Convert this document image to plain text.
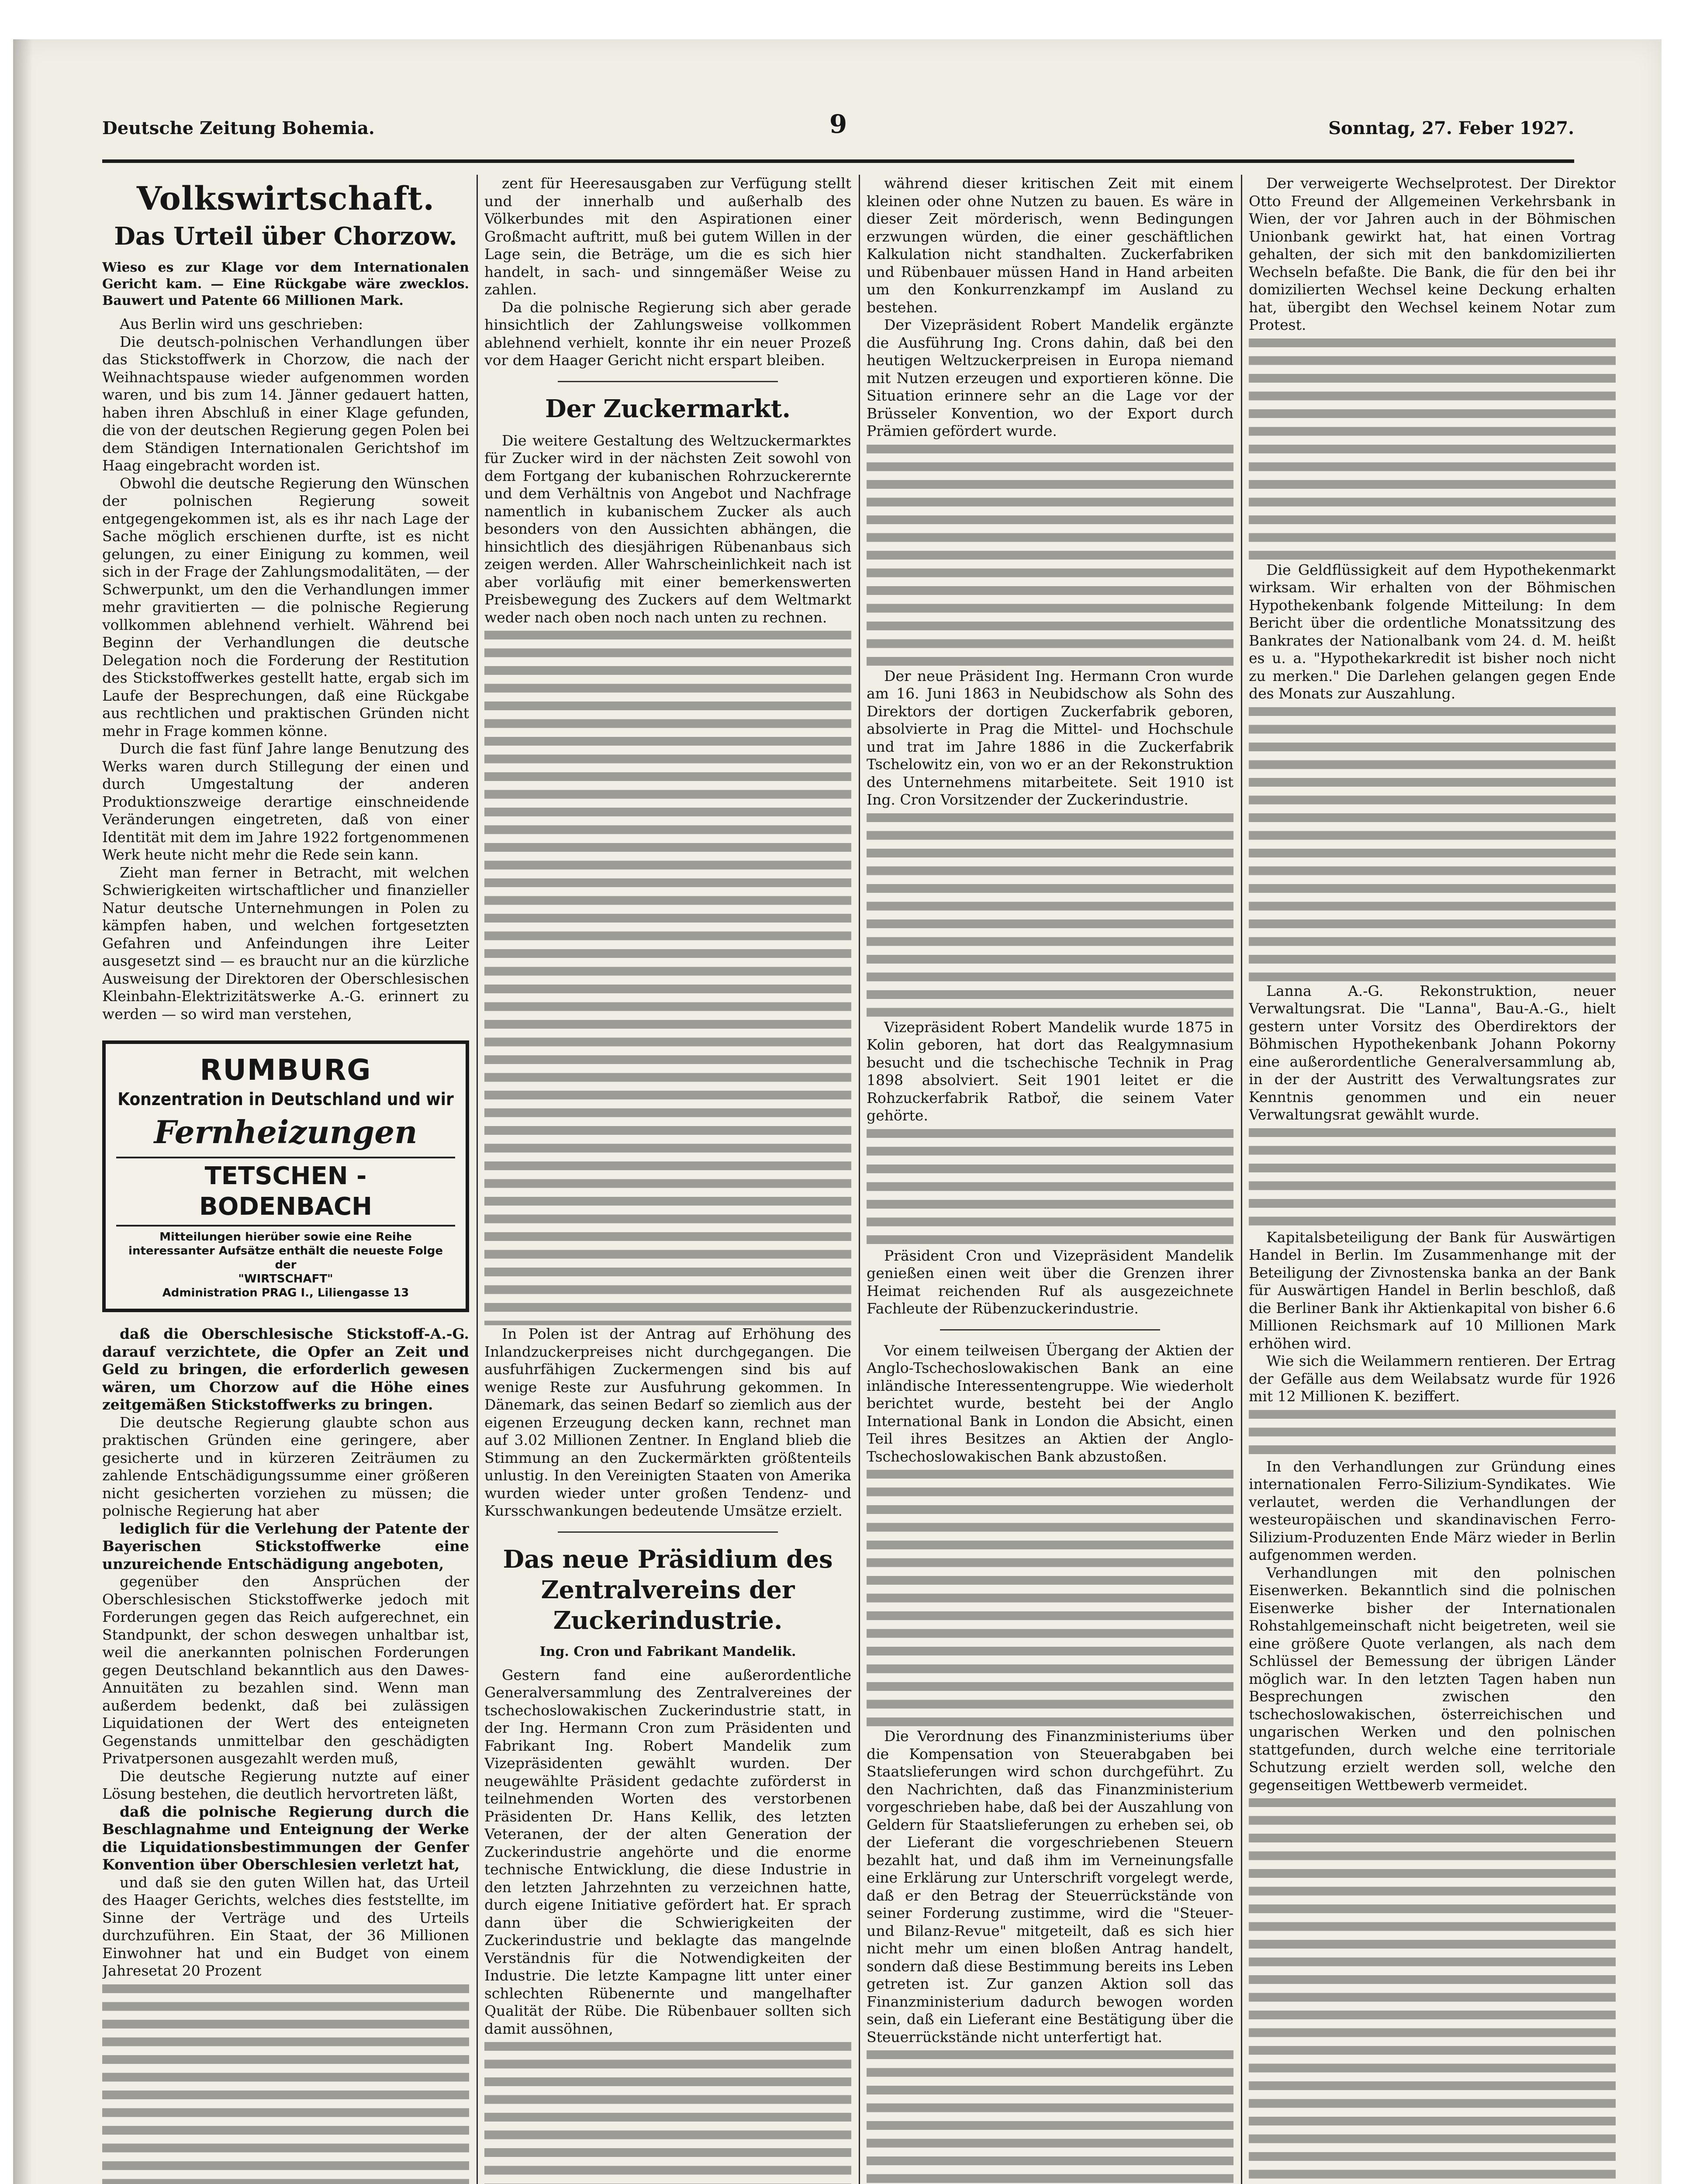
Deutsche Zeitung Bohemia.	9	Sonntag, 27. Feber 1927.
Volkswirtschaft.
Das Urteil über Chorzow.
Wieso es zur Klage vor dem Internationalen Gericht kam. — Eine Rückgabe wäre zwecklos. Bauwert und Patente 66 Millionen Mark.

Aus Berlin wird uns geschrieben:

Die deutsch-polnischen Verhandlungen über das Stickstoffwerk in Chorzow, die nach der Weihnachtspause wieder aufgenommen worden waren, und bis zum 14. Jänner gedauert hatten, haben ihren Abschluß in einer Klage gefunden, die von der deutschen Regierung gegen Polen bei dem Ständigen Internationalen Gerichtshof im Haag eingebracht worden ist.

Obwohl die deutsche Regierung den Wünschen der polnischen Regierung soweit entgegengekommen ist, als es ihr nach Lage der Sache möglich erschienen durfte, ist es nicht gelungen, zu einer Einigung zu kommen, weil sich in der Frage der Zahlungsmodalitäten, — der Schwerpunkt, um den die Verhandlungen immer mehr gravitierten — die polnische Regierung vollkommen ablehnend verhielt. Während bei Beginn der Verhandlungen die deutsche Delegation noch die Forderung der Restitution des Stickstoffwerkes gestellt hatte, ergab sich im Laufe der Besprechungen, daß eine Rückgabe aus rechtlichen und praktischen Gründen nicht mehr in Frage kommen könne.

Durch die fast fünf Jahre lange Benutzung des Werks waren durch Stillegung der einen und durch Umgestaltung der anderen Produktionszweige derartige einschneidende Veränderungen eingetreten, daß von einer Identität mit dem im Jahre 1922 fortgenommenen Werk heute nicht mehr die Rede sein kann.

Zieht man ferner in Betracht, mit welchen Schwierigkeiten wirtschaftlicher und finanzieller Natur deutsche Unternehmungen in Polen zu kämpfen haben, und welchen fortgesetzten Gefahren und Anfeindungen ihre Leiter ausgesetzt sind — es braucht nur an die kürzliche Ausweisung der Direktoren der Oberschlesischen Kleinbahn-Elektrizitätswerke A.-G. erinnert zu werden — so wird man verstehen,

RUMBURG
Konzentration in Deutschland und wir
Fernheizungen
TETSCHEN - BODENBACH
Mitteilungen hierüber sowie eine Reihe interessanter Aufsätze enthält die neueste Folge der
"WIRTSCHAFT"
Administration PRAG I., Liliengasse 13

daß die Oberschlesische Stickstoff-A.-G. darauf verzichtete, die Opfer an Zeit und Geld zu bringen, die erforderlich gewesen wären, um Chorzow auf die Höhe eines zeitgemäßen Stickstoffwerks zu bringen.

Die deutsche Regierung glaubte schon aus praktischen Gründen eine geringere, aber gesicherte und in kürzeren Zeiträumen zu zahlende Entschädigungssumme einer größeren nicht gesicherten vorziehen zu müssen; die polnische Regierung hat aber

lediglich für die Verlehung der Patente der Bayerischen Stickstoffwerke eine unzureichende Entschädigung angeboten,

gegenüber den Ansprüchen der Oberschlesischen Stickstoffwerke jedoch mit Forderungen gegen das Reich aufgerechnet, ein Standpunkt, der schon deswegen unhaltbar ist, weil die anerkannten polnischen Forderungen gegen Deutschland bekanntlich aus den Dawes-Annuitäten zu bezahlen sind. Wenn man außerdem bedenkt, daß bei zulässigen Liquidationen der Wert des enteigneten Gegenstands unmittelbar den geschädigten Privatpersonen ausgezahlt werden muß,

Die deutsche Regierung nutzte auf einer Lösung bestehen, die deutlich hervortreten läßt,

daß die polnische Regierung durch die Beschlagnahme und Enteignung der Werke die Liquidationsbestimmungen der Genfer Konvention über Oberschlesien verletzt hat,

und daß sie den guten Willen hat, das Urteil des Haager Gerichts, welches dies feststellte, im Sinne der Verträge und des Urteils durchzuführen. Ein Staat, der 36 Millionen Einwohner hat und ein Budget von einem Jahresetat 20 Prozent

zent für Heeresausgaben zur Verfügung stellt und der innerhalb und außerhalb des Völkerbundes mit den Aspirationen einer Großmacht auftritt, muß bei gutem Willen in der Lage sein, die Beträge, um die es sich hier handelt, in sach- und sinngemäßer Weise zu zahlen.

Da die polnische Regierung sich aber gerade hinsichtlich der Zahlungsweise vollkommen ablehnend verhielt, konnte ihr ein neuer Prozeß vor dem Haager Gericht nicht erspart bleiben.

Der Zuckermarkt.

Die weitere Gestaltung des Weltzuckermarktes für Zucker wird in der nächsten Zeit sowohl von dem Fortgang der kubanischen Rohrzuckerernte und dem Verhältnis von Angebot und Nachfrage namentlich in kubanischem Zucker als auch besonders von den Aussichten abhängen, die hinsichtlich des diesjährigen Rübenanbaus sich zeigen werden. Aller Wahrscheinlichkeit nach ist aber vorläufig mit einer bemerkenswerten Preisbewegung des Zuckers auf dem Weltmarkt weder nach oben noch nach unten zu rechnen.

In Polen ist der Antrag auf Erhöhung des Inlandzuckerpreises nicht durchgegangen. Die ausfuhrfähigen Zuckermengen sind bis auf wenige Reste zur Ausfuhrung gekommen. In Dänemark, das seinen Bedarf so ziemlich aus der eigenen Erzeugung decken kann, rechnet man auf 3.02 Millionen Zentner. In England blieb die Stimmung an den Zuckermärkten größtenteils unlustig. In den Vereinigten Staaten von Amerika wurden wieder unter großen Tendenz- und Kursschwankungen bedeutende Umsätze erzielt.

Das neue Präsidium des Zentralvereins der Zuckerindustrie.
Ing. Cron und Fabrikant Mandelik.

Gestern fand eine außerordentliche Generalversammlung des Zentralvereines der tschechoslowakischen Zuckerindustrie statt, in der Ing. Hermann Cron zum Präsidenten und Fabrikant Ing. Robert Mandelik zum Vizepräsidenten gewählt wurden. Der neugewählte Präsident gedachte zuförderst in teilnehmenden Worten des verstorbenen Präsidenten Dr. Hans Kellik, des letzten Veteranen, der der alten Generation der Zuckerindustrie angehörte und die enorme technische Entwicklung, die diese Industrie in den letzten Jahrzehnten zu verzeichnen hatte, durch eigene Initiative gefördert hat. Er sprach dann über die Schwierigkeiten der Zuckerindustrie und beklagte das mangelnde Verständnis für die Notwendigkeiten der Industrie. Die letzte Kampagne litt unter einer schlechten Rübenernte und mangelhafter Qualität der Rübe. Die Rübenbauer sollten sich damit aussöhnen,

während dieser kritischen Zeit mit einem kleinen oder ohne Nutzen zu bauen. Es wäre in dieser Zeit mörderisch, wenn Bedingungen erzwungen würden, die einer geschäftlichen Kalkulation nicht standhalten. Zuckerfabriken und Rübenbauer müssen Hand in Hand arbeiten um den Konkurrenzkampf im Ausland zu bestehen.

Der Vizepräsident Robert Mandelik ergänzte die Ausführung Ing. Crons dahin, daß bei den heutigen Weltzuckerpreisen in Europa niemand mit Nutzen erzeugen und exportieren könne. Die Situation erinnere sehr an die Lage vor der Brüsseler Konvention, wo der Export durch Prämien gefördert wurde.

Der neue Präsident Ing. Hermann Cron wurde am 16. Juni 1863 in Neubidschow als Sohn des Direktors der dortigen Zuckerfabrik geboren, absolvierte in Prag die Mittel- und Hochschule und trat im Jahre 1886 in die Zuckerfabrik Tschelowitz ein, von wo er an der Rekonstruktion des Unternehmens mitarbeitete. Seit 1910 ist Ing. Cron Vorsitzender der Zuckerindustrie.

Vizepräsident Robert Mandelik wurde 1875 in Kolin geboren, hat dort das Realgymnasium besucht und die tschechische Technik in Prag 1898 absolviert. Seit 1901 leitet er die Rohzuckerfabrik Ratboř, die seinem Vater gehörte.

Präsident Cron und Vizepräsident Mandelik genießen einen weit über die Grenzen ihrer Heimat reichenden Ruf als ausgezeichnete Fachleute der Rübenzuckerindustrie.

Vor einem teilweisen Übergang der Aktien der Anglo-Tschechoslowakischen Bank an eine inländische Interessentengruppe. Wie wiederholt berichtet wurde, besteht bei der Anglo International Bank in London die Absicht, einen Teil ihres Besitzes an Aktien der Anglo-Tschechoslowakischen Bank abzustoßen.

Die Verordnung des Finanzministeriums über die Kompensation von Steuerabgaben bei Staatslieferungen wird schon durchgeführt. Zu den Nachrichten, daß das Finanzministerium vorgeschrieben habe, daß bei der Auszahlung von Geldern für Staatslieferungen zu erheben sei, ob der Lieferant die vorgeschriebenen Steuern bezahlt hat, und daß ihm im Verneinungsfalle eine Erklärung zur Unterschrift vorgelegt werde, daß er den Betrag der Steuerrückstände von seiner Forderung zustimme, wird die "Steuer- und Bilanz-Revue" mitgeteilt, daß es sich hier nicht mehr um einen bloßen Antrag handelt, sondern daß diese Bestimmung bereits ins Leben getreten ist. Zur ganzen Aktion soll das Finanzministerium dadurch bewogen worden sein, daß ein Lieferant eine Bestätigung über die Steuerrückstände nicht unterfertigt hat.

Der verweigerte Wechselprotest. Der Direktor Otto Freund der Allgemeinen Verkehrsbank in Wien, der vor Jahren auch in der Böhmischen Unionbank gewirkt hat, hat einen Vortrag gehalten, der sich mit den bankdomizilierten Wechseln befaßte. Die Bank, die für den bei ihr domizilierten Wechsel keine Deckung erhalten hat, übergibt den Wechsel keinem Notar zum Protest.

Die Geldflüssigkeit auf dem Hypothekenmarkt wirksam. Wir erhalten von der Böhmischen Hypothekenbank folgende Mitteilung: In dem Bericht über die ordentliche Monatssitzung des Bankrates der Nationalbank vom 24. d. M. heißt es u. a. "Hypothekarkredit ist bisher noch nicht zu merken." Die Darlehen gelangen gegen Ende des Monats zur Auszahlung.

Lanna A.-G. Rekonstruktion, neuer Verwaltungsrat. Die "Lanna", Bau-A.-G., hielt gestern unter Vorsitz des Oberdirektors der Böhmischen Hypothekenbank Johann Pokorny eine außerordentliche Generalversammlung ab, in der der Austritt des Verwaltungsrates zur Kenntnis genommen und ein neuer Verwaltungsrat gewählt wurde.

Kapitalsbeteiligung der Bank für Auswärtigen Handel in Berlin. Im Zusammenhange mit der Beteiligung der Zivnostenska banka an der Bank für Auswärtigen Handel in Berlin beschloß, daß die Berliner Bank ihr Aktienkapital von bisher 6.6 Millionen Reichsmark auf 10 Millionen Mark erhöhen wird.

Wie sich die Weilammern rentieren. Der Ertrag der Gefälle aus dem Weilabsatz wurde für 1926 mit 12 Millionen K. beziffert.

In den Verhandlungen zur Gründung eines internationalen Ferro-Silizium-Syndikates. Wie verlautet, werden die Verhandlungen der westeuropäischen und skandinavischen Ferro-Silizium-Produzenten Ende März wieder in Berlin aufgenommen werden.

Verhandlungen mit den polnischen Eisenwerken. Bekanntlich sind die polnischen Eisenwerke bisher der Internationalen Rohstahlgemeinschaft nicht beigetreten, weil sie eine größere Quote verlangen, als nach dem Schlüssel der Bemessung der übrigen Länder möglich war. In den letzten Tagen haben nun Besprechungen zwischen den tschechoslowakischen, österreichischen und ungarischen Werken und den polnischen stattgefunden, durch welche eine territoriale Schutzung erzielt werden soll, welche den gegenseitigen Wettbewerb vermeidet.
